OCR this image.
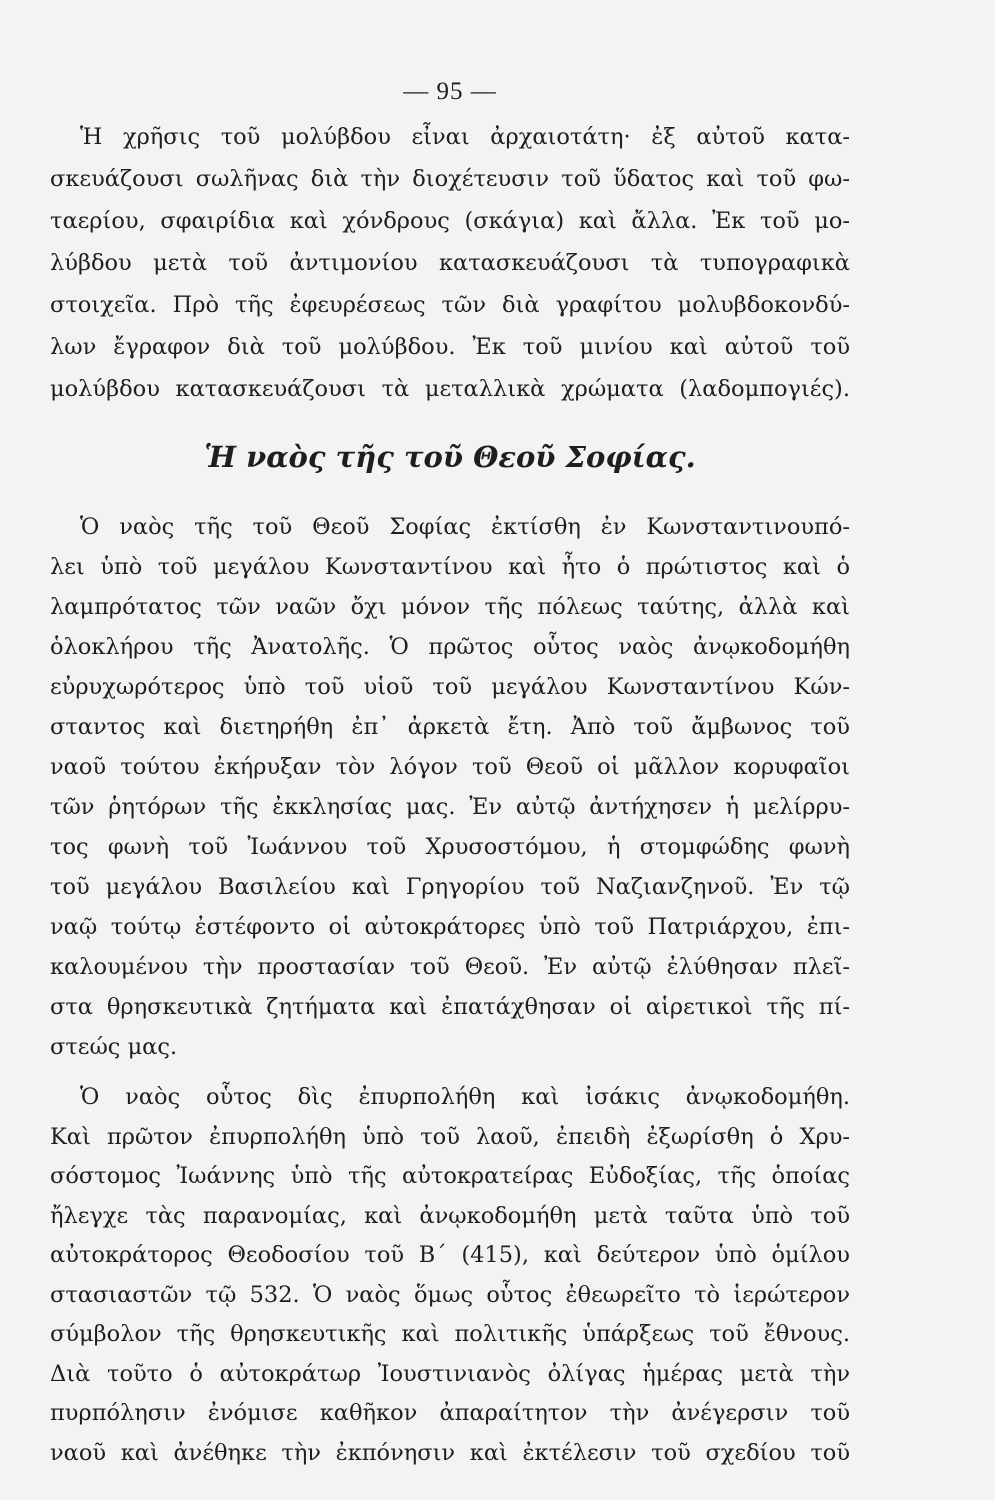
— 95 —
Ἡ χρῆσις τοῦ μολύβδου εἶναι ἀρχαιοτάτη· ἐξ αὐτοῦ κατα-
σκευάζουσι σωλῆνας διὰ τὴν διοχέτευσιν τοῦ ὕδατος καὶ τοῦ φω-
ταερίου, σφαιρίδια καὶ χόνδρους (σκάγια) καὶ ἄλλα. Ἐκ τοῦ μο-
λύβδου μετὰ τοῦ ἀντιμονίου κατασκευάζουσι τὰ τυπογραφικὰ
στοιχεῖα. Πρὸ τῆς ἐφευρέσεως τῶν διὰ γραφίτου μολυβδοκονδύ-
λων ἔγραφον διὰ τοῦ μολύβδου. Ἐκ τοῦ μινίου καὶ αὐτοῦ τοῦ
μολύβδου κατασκευάζουσι τὰ μεταλλικὰ χρώματα (λαδομπογιές).
Ἡ ναὸς τῆς τοῦ Θεοῦ Σοφίας.
Ὁ ναὸς τῆς τοῦ Θεοῦ Σοφίας ἐκτίσθη ἐν Κωνσταντινουπό-
λει ὑπὸ τοῦ μεγάλου Κωνσταντίνου καὶ ἦτο ὁ πρώτιστος καὶ ὁ
λαμπρότατος τῶν ναῶν ὄχι μόνον τῆς πόλεως ταύτης, ἀλλὰ καὶ
ὁλοκλήρου τῆς Ἀνατολῆς. Ὁ πρῶτος οὗτος ναὸς ἀνῳκοδομήθη
εὐρυχωρότερος ὑπὸ τοῦ υἱοῦ τοῦ μεγάλου Κωνσταντίνου Κών-
σταντος καὶ διετηρήθη ἐπ᾿ ἀρκετὰ ἔτη. Ἀπὸ τοῦ ἄμβωνος τοῦ
ναοῦ τούτου ἐκήρυξαν τὸν λόγον τοῦ Θεοῦ οἱ μᾶλλον κορυφαῖοι
τῶν ῥητόρων τῆς ἐκκλησίας μας. Ἐν αὐτῷ ἀντήχησεν ἡ μελίρρυ-
τος φωνὴ τοῦ Ἰωάννου τοῦ Χρυσοστόμου, ἡ στομφώδης φωνὴ
τοῦ μεγάλου Βασιλείου καὶ Γρηγορίου τοῦ Ναζιανζηνοῦ. Ἐν τῷ
ναῷ τούτῳ ἐστέφοντο οἱ αὐτοκράτορες ὑπὸ τοῦ Πατριάρχου, ἐπι-
καλουμένου τὴν προστασίαν τοῦ Θεοῦ. Ἐν αὐτῷ ἐλύθησαν πλεῖ-
στα θρησκευτικὰ ζητήματα καὶ ἐπατάχθησαν οἱ αἱρετικοὶ τῆς πί-
στεώς μας.
Ὁ ναὸς οὗτος δὶς ἐπυρπολήθη καὶ ἰσάκις ἀνῳκοδομήθη.
Καὶ πρῶτον ἐπυρπολήθη ὑπὸ τοῦ λαοῦ, ἐπειδὴ ἐξωρίσθη ὁ Χρυ-
σόστομος Ἰωάννης ὑπὸ τῆς αὐτοκρατείρας Εὐδοξίας, τῆς ὁποίας
ἤλεγχε τὰς παρανομίας, καὶ ἀνῳκοδομήθη μετὰ ταῦτα ὑπὸ τοῦ
αὐτοκράτορος Θεοδοσίου τοῦ Β΄ (415), καὶ δεύτερον ὑπὸ ὁμίλου
στασιαστῶν τῷ 532. Ὁ ναὸς ὅμως οὗτος ἐθεωρεῖτο τὸ ἱερώτερον
σύμβολον τῆς θρησκευτικῆς καὶ πολιτικῆς ὑπάρξεως τοῦ ἔθνους.
Διὰ τοῦτο ὁ αὐτοκράτωρ Ἰουστινιανὸς ὀλίγας ἡμέρας μετὰ τὴν
πυρπόλησιν ἐνόμισε καθῆκον ἀπαραίτητον τὴν ἀνέγερσιν τοῦ
ναοῦ καὶ ἀνέθηκε τὴν ἐκπόνησιν καὶ ἐκτέλεσιν τοῦ σχεδίου τοῦ
